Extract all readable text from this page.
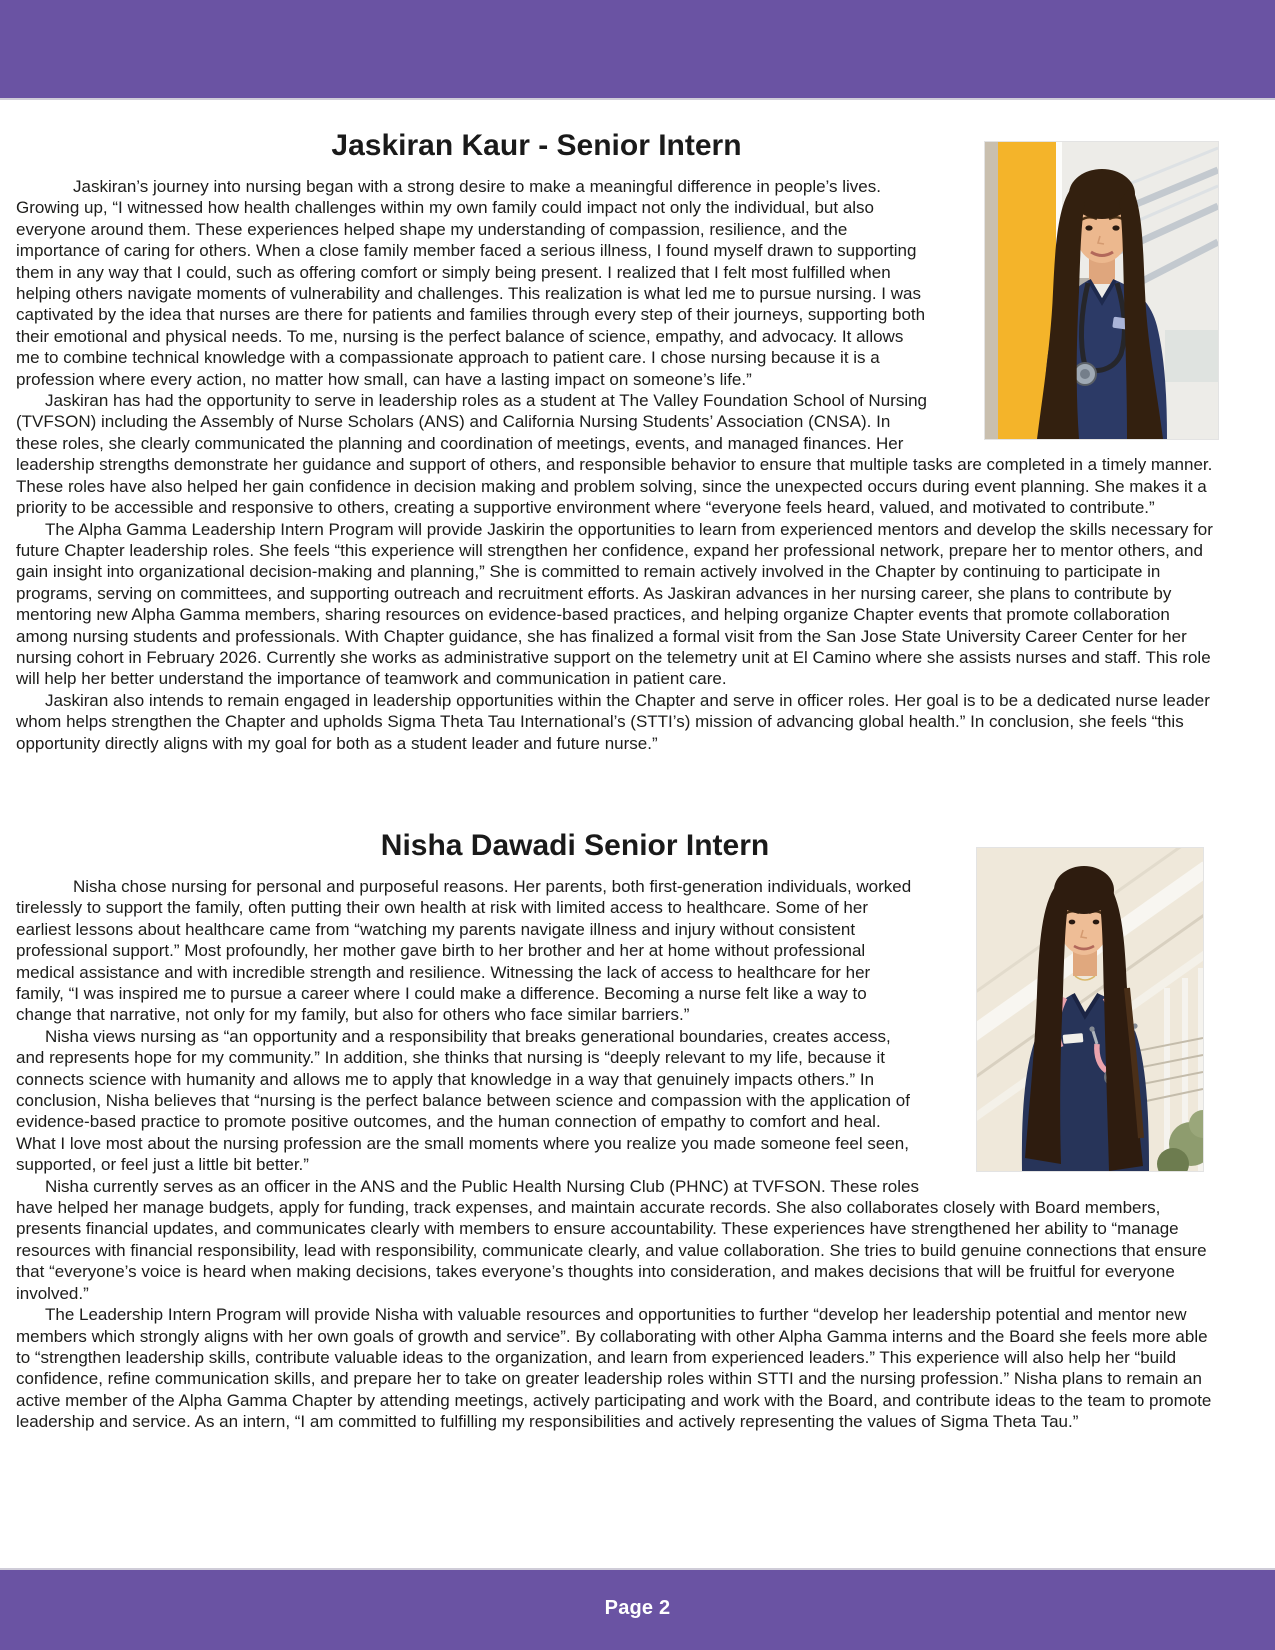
Jaskiran Kaur - Senior Intern

Jaskiran’s journey into nursing began with a strong desire to make a meaningful difference in people’s lives. Growing up, “I witnessed how health challenges within my own family could impact not only the individual, but also everyone around them. These experiences helped shape my understanding of compassion, resilience, and the importance of caring for others. When a close family member faced a serious illness, I found myself drawn to supporting them in any way that I could, such as offering comfort or simply being present. I realized that I felt most fulfilled when helping others navigate moments of vulnerability and challenges. This realization is what led me to pursue nursing. I was captivated by the idea that nurses are there for patients and families through every step of their journeys, supporting both their emotional and physical needs. To me, nursing is the perfect balance of science, empathy, and advocacy. It allows me to combine technical knowledge with a compassionate approach to patient care. I chose nursing because it is a profession where every action, no matter how small, can have a lasting impact on someone’s life.”

Jaskiran has had the opportunity to serve in leadership roles as a student at The Valley Foundation School of Nursing (TVFSON) including the Assembly of Nurse Scholars (ANS) and California Nursing Students’ Association (CNSA). In these roles, she clearly communicated the planning and coordination of meetings, events, and managed finances. Her leadership strengths demonstrate her guidance and support of others, and responsible behavior to ensure that multiple tasks are completed in a timely manner. These roles have also helped her gain confidence in decision making and problem solving, since the unexpected occurs during event planning. She makes it a priority to be accessible and responsive to others, creating a supportive environment where “everyone feels heard, valued, and motivated to contribute.”

The Alpha Gamma Leadership Intern Program will provide Jaskirin the opportunities to learn from experienced mentors and develop the skills necessary for future Chapter leadership roles. She feels “this experience will strengthen her confidence, expand her professional network, prepare her to mentor others, and gain insight into organizational decision-making and planning,” She is committed to remain actively involved in the Chapter by continuing to participate in programs, serving on committees, and supporting outreach and recruitment efforts. As Jaskiran advances in her nursing career, she plans to contribute by mentoring new Alpha Gamma members, sharing resources on evidence-based practices, and helping organize Chapter events that promote collaboration among nursing students and professionals. With Chapter guidance, she has finalized a formal visit from the San Jose State University Career Center for her nursing cohort in February 2026. Currently she works as administrative support on the telemetry unit at El Camino where she assists nurses and staff. This role will help her better understand the importance of teamwork and communication in patient care.

Jaskiran also intends to remain engaged in leadership opportunities within the Chapter and serve in officer roles. Her goal is to be a dedicated nurse leader whom helps strengthen the Chapter and upholds Sigma Theta Tau International’s (STTI’s) mission of advancing global health.” In conclusion, she feels “this opportunity directly aligns with my goal for both as a student leader and future nurse.”

Nisha Dawadi Senior Intern

Nisha chose nursing for personal and purposeful reasons. Her parents, both first-generation individuals, worked tirelessly to support the family, often putting their own health at risk with limited access to healthcare. Some of her earliest lessons about healthcare came from “watching my parents navigate illness and injury without consistent professional support.” Most profoundly, her mother gave birth to her brother and her at home without professional medical assistance and with incredible strength and resilience. Witnessing the lack of access to healthcare for her family, “I was inspired me to pursue a career where I could make a difference. Becoming a nurse felt like a way to change that narrative, not only for my family, but also for others who face similar barriers.”

Nisha views nursing as “an opportunity and a responsibility that breaks generational boundaries, creates access, and represents hope for my community.” In addition, she thinks that nursing is “deeply relevant to my life, because it connects science with humanity and allows me to apply that knowledge in a way that genuinely impacts others.” In conclusion, Nisha believes that “nursing is the perfect balance between science and compassion with the application of evidence-based practice to promote positive outcomes, and the human connection of empathy to comfort and heal. What I love most about the nursing profession are the small moments where you realize you made someone feel seen, supported, or feel just a little bit better.”

Nisha currently serves as an officer in the ANS and the Public Health Nursing Club (PHNC) at TVFSON. These roles have helped her manage budgets, apply for funding, track expenses, and maintain accurate records. She also collaborates closely with Board members, presents financial updates, and communicates clearly with members to ensure accountability. These experiences have strengthened her ability to “manage resources with financial responsibility, lead with responsibility, communicate clearly, and value collaboration. She tries to build genuine connections that ensure that “everyone’s voice is heard when making decisions, takes everyone’s thoughts into consideration, and makes decisions that will be fruitful for everyone involved.”

The Leadership Intern Program will provide Nisha with valuable resources and opportunities to further “develop her leadership potential and mentor new members which strongly aligns with her own goals of growth and service”. By collaborating with other Alpha Gamma interns and the Board she feels more able to “strengthen leadership skills, contribute valuable ideas to the organization, and learn from experienced leaders.” This experience will also help her “build confidence, refine communication skills, and prepare her to take on greater leadership roles within STTI and the nursing profession.” Nisha plans to remain an active member of the Alpha Gamma Chapter by attending meetings, actively participating and work with the Board, and contribute ideas to the team to promote leadership and service. As an intern, “I am committed to fulfilling my responsibilities and actively representing the values of Sigma Theta Tau.”

Page 2
